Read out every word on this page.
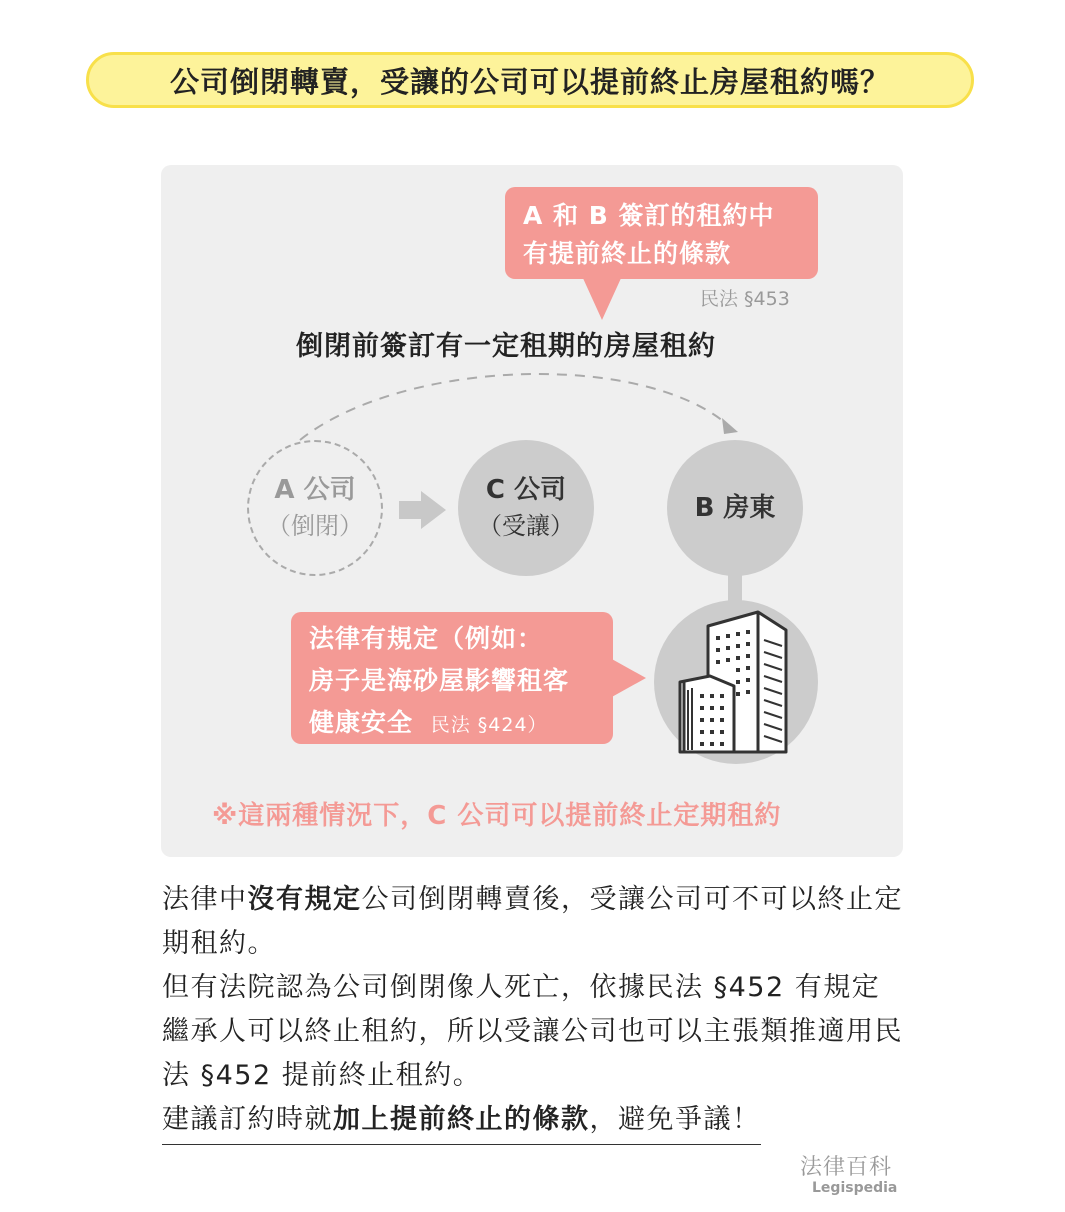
公司倒閉轉賣，受讓的公司可以提前終止房屋租約嗎？
A 和 B 簽訂的租約中
有提前終止的條款
民法 §453
倒閉前簽訂有一定租期的房屋租約
A 公司
（倒閉）
C 公司
（受讓）
B 房東
法律有規定（例如：
房子是海砂屋影響租客
健康安全 民法 §424）
※這兩種情況下，C 公司可以提前終止定期租約
法律中沒有規定公司倒閉轉賣後，受讓公司可不可以終止定期租約。
但有法院認為公司倒閉像人死亡，依據民法 §452 有規定繼承人可以終止租約，所以受讓公司也可以主張類推適用民法 §452 提前終止租約。
建議訂約時就加上提前終止的條款，避免爭議！
法律百科
Legispedia
